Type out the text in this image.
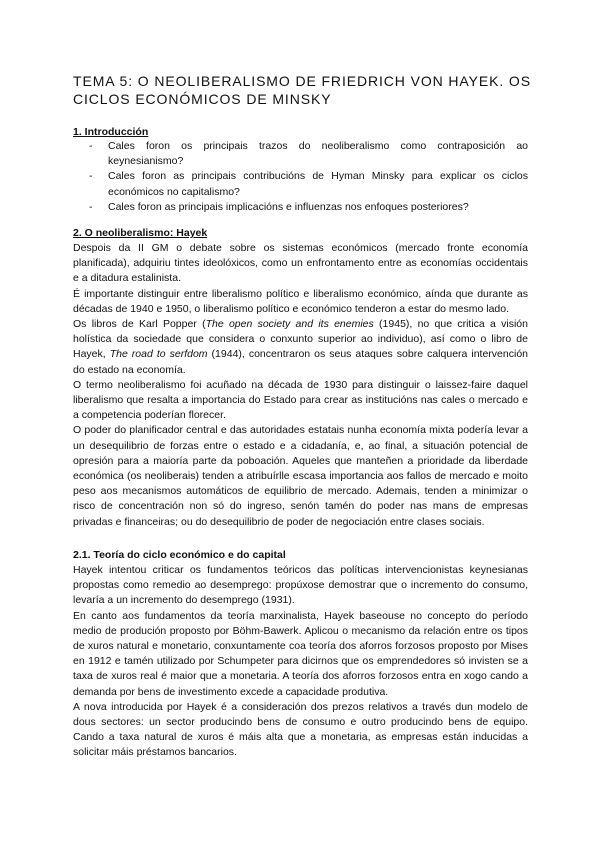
TEMA 5: O NEOLIBERALISMO DE FRIEDRICH VON HAYEK. OS CICLOS ECONÓMICOS DE MINSKY
1. Introducción
- Cales foron os principais trazos do neoliberalismo como contraposición ao keynesianismo?
- Cales foron as principais contribucións de Hyman Minsky para explicar os ciclos económicos no capitalismo?
- Cales foron as principais implicacións e influenzas nos enfoques posteriores?
2. O neoliberalismo: Hayek

Despois da II GM o debate sobre os sistemas económicos (mercado fronte economía planificada), adquiriu tintes ideolóxicos, como un enfrontamento entre as economías occidentais e a ditadura estalinista.

É importante distinguir entre liberalismo político e liberalismo económico, aínda que durante as décadas de 1940 e 1950, o liberalismo político e económico tenderon a estar do mesmo lado.

Os libros de Karl Popper (The open society and its enemies (1945), no que critica a visión holística da sociedade que considera o conxunto superior ao individuo), así como o libro de Hayek, The road to serfdom (1944), concentraron os seus ataques sobre calquera intervención do estado na economía.

O termo neoliberalismo foi acuñado na década de 1930 para distinguir o laissez-faire daquel liberalismo que resalta a importancia do Estado para crear as institucións nas cales o mercado e a competencia poderían florecer.

O poder do planificador central e das autoridades estatais nunha economía mixta podería levar a un desequilibrio de forzas entre o estado e a cidadanía, e, ao final, a situación potencial de opresión para a maioría parte da poboación. Aqueles que manteñen a prioridade da liberdade económica (os neoliberais) tenden a atribuírlle escasa importancia aos fallos de mercado e moito peso aos mecanismos automáticos de equilibrio de mercado. Ademais, tenden a minimizar o risco de concentración non só do ingreso, senón tamén do poder nas mans de empresas privadas e financeiras; ou do desequilibrio de poder de negociación entre clases sociais.

2.1. Teoría do ciclo económico e do capital

Hayek intentou criticar os fundamentos teóricos das políticas intervencionistas keynesianas propostas como remedio ao desemprego: propúxose demostrar que o incremento do consumo, levaría a un incremento do desemprego (1931).

En canto aos fundamentos da teoría marxinalista, Hayek baseouse no concepto do período medio de produción proposto por Böhm-Bawerk. Aplicou o mecanismo da relación entre os tipos de xuros natural e monetario, conxuntamente coa teoría dos aforros forzosos proposto por Mises en 1912 e tamén utilizado por Schumpeter para dicirnos que os emprendedores só invisten se a taxa de xuros real é maior que a monetaria. A teoría dos aforros forzosos entra en xogo cando a demanda por bens de investimento excede a capacidade produtiva.

A nova introducida por Hayek é a consideración dos prezos relativos a través dun modelo de dous sectores: un sector producindo bens de consumo e outro producindo bens de equipo. Cando a taxa natural de xuros é máis alta que a monetaria, as empresas están inducidas a solicitar máis préstamos bancarios.
